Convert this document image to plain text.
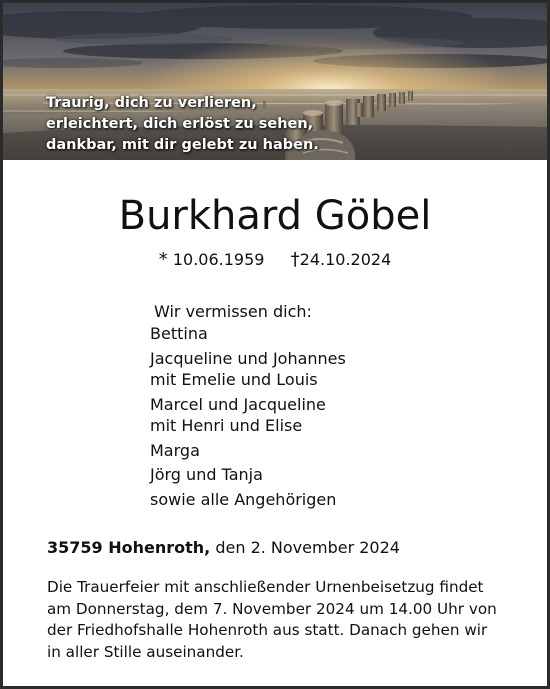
Traurig, dich zu verlieren,
erleichtert, dich erlöst zu sehen,
dankbar, mit dir gelebt zu haben.
Burkhard Göbel
* 10.06.1959 †24.10.2024
Wir vermissen dich:
Bettina
Jacqueline und Johannes
mit Emelie und Louis
Marcel und Jacqueline
mit Henri und Elise
Marga
Jörg und Tanja
sowie alle Angehörigen
35759 Hohenroth, den 2. November 2024
Die Trauerfeier mit anschließender Urnenbeisetzug findet
am Donnerstag, dem 7. November 2024 um 14.00 Uhr von
der Friedhofshalle Hohenroth aus statt. Danach gehen wir
in aller Stille auseinander.
